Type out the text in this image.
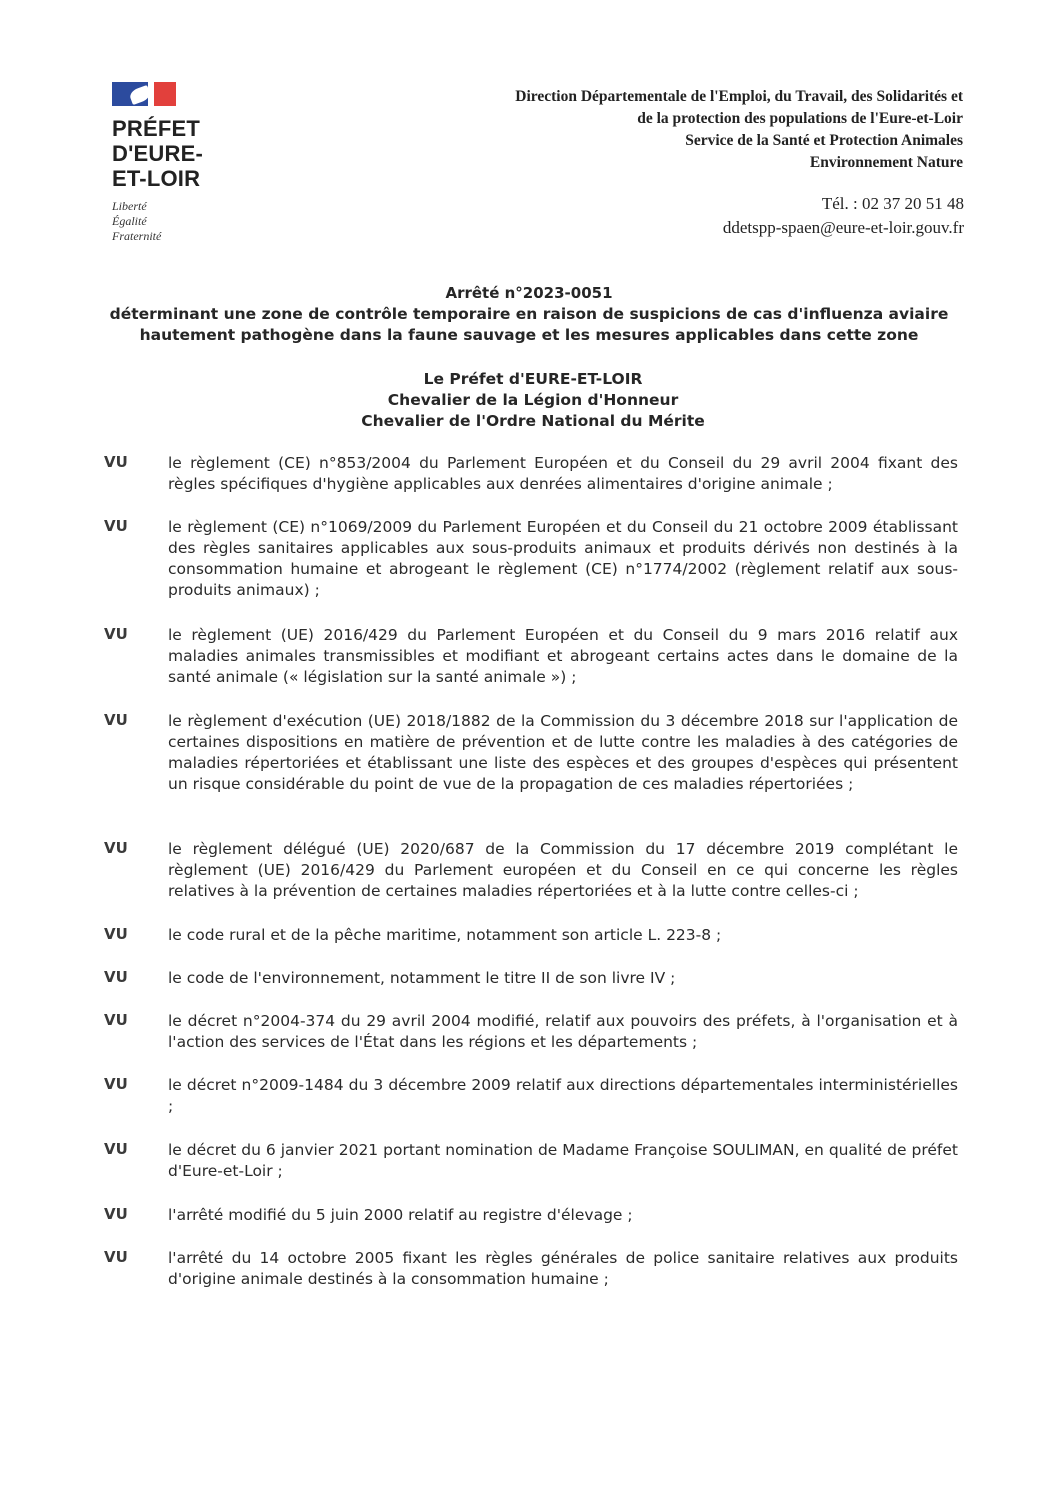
PRÉFET
D'EURE-
ET-LOIR
Liberté
Égalité
Fraternité
Direction Départementale de l'Emploi, du Travail, des Solidarités et
de la protection des populations de l'Eure-et-Loir
Service de la Santé et Protection Animales
Environnement Nature
Tél. : 02 37 20 51 48
ddetspp-spaen@eure-et-loir.gouv.fr
Arrêté n°2023-0051
déterminant une zone de contrôle temporaire en raison de suspicions de cas d'influenza aviaire
hautement pathogène dans la faune sauvage et les mesures applicables dans cette zone
Le Préfet d'EURE-ET-LOIR
Chevalier de la Légion d'Honneur
Chevalier de l'Ordre National du Mérite
VU	le règlement (CE) n°853/2004 du Parlement Européen et du Conseil du 29 avril 2004 fixant des règles spécifiques d'hygiène applicables aux denrées alimentaires d'origine animale ;
VU	le règlement (CE) n°1069/2009 du Parlement Européen et du Conseil du 21 octobre 2009 établissant des règles sanitaires applicables aux sous-produits animaux et produits dérivés non destinés à la consommation humaine et abrogeant le règlement (CE) n°1774/2002 (règlement relatif aux sous-produits animaux) ;
VU	le règlement (UE) 2016/429 du Parlement Européen et du Conseil du 9 mars 2016 relatif aux maladies animales transmissibles et modifiant et abrogeant certains actes dans le domaine de la santé animale (« législation sur la santé animale ») ;
VU	le règlement d'exécution (UE) 2018/1882 de la Commission du 3 décembre 2018 sur l'application de certaines dispositions en matière de prévention et de lutte contre les maladies à des catégories de maladies répertoriées et établissant une liste des espèces et des groupes d'espèces qui présentent un risque considérable du point de vue de la propagation de ces maladies répertoriées ;
VU	le règlement délégué (UE) 2020/687 de la Commission du 17 décembre 2019 complétant le règlement (UE) 2016/429 du Parlement européen et du Conseil en ce qui concerne les règles relatives à la prévention de certaines maladies répertoriées et à la lutte contre celles-ci ;
VU	le code rural et de la pêche maritime, notamment son article L. 223-8 ;
VU	le code de l'environnement, notamment le titre II de son livre IV ;
VU	le décret n°2004-374 du 29 avril 2004 modifié, relatif aux pouvoirs des préfets, à l'organisation et à l'action des services de l'État dans les régions et les départements ;
VU	le décret n°2009-1484 du 3 décembre 2009 relatif aux directions départementales interministérielles ;
VU	le décret du 6 janvier 2021 portant nomination de Madame Françoise SOULIMAN, en qualité de préfet d'Eure-et-Loir ;
VU	l'arrêté modifié du 5 juin 2000 relatif au registre d'élevage ;
VU	l'arrêté du 14 octobre 2005 fixant les règles générales de police sanitaire relatives aux produits d'origine animale destinés à la consommation humaine ;
